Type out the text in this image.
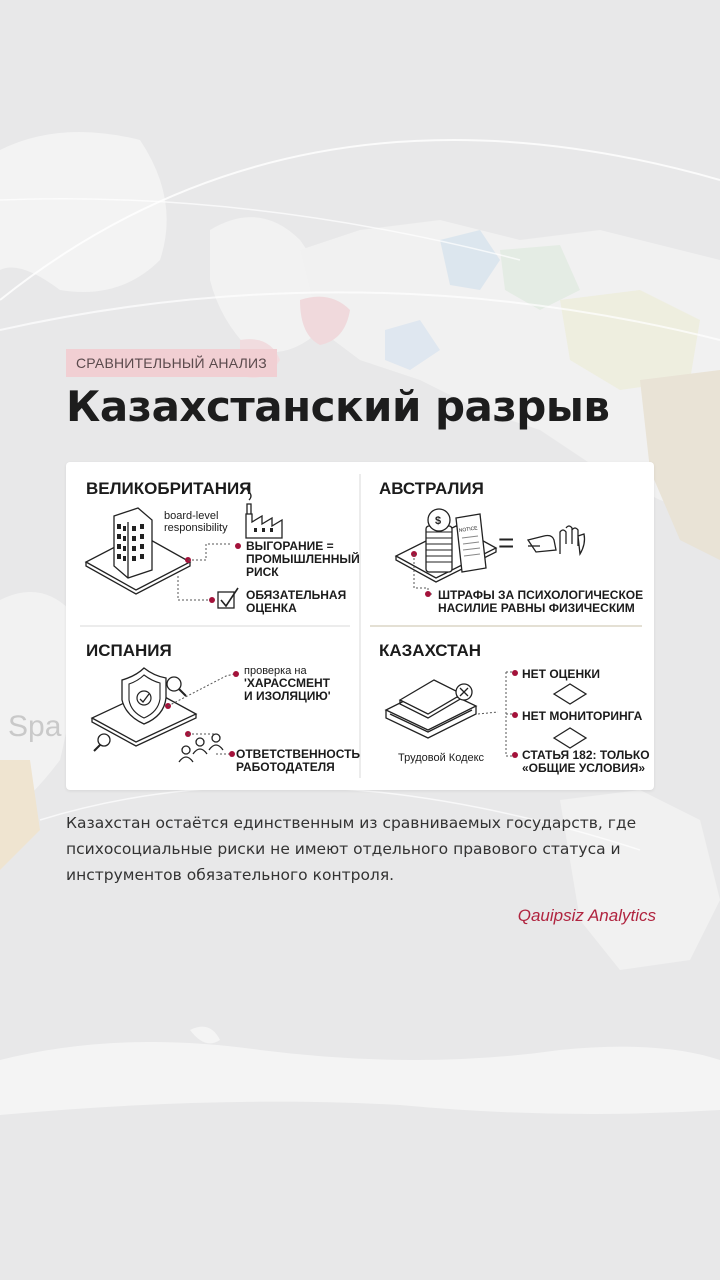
Spa
СРАВНИТЕЛЬНЫЙ АНАЛИЗ
Казахстанский разрыв
ВЕЛИКОБРИТАНИЯ
board-level
responsibility
ВЫГОРАНИЕ =
ПРОМЫШЛЕННЫЙ
РИСК
ОБЯЗАТЕЛЬНАЯ
ОЦЕНКА
АВСТРАЛИЯ
$
NOTICE =
ШТРАФЫ ЗА ПСИХОЛОГИЧЕСКОЕ
НАСИЛИЕ РАВНЫ ФИЗИЧЕСКИМ
ИСПАНИЯ
проверка на
'ХАРАССМЕНТ
И ИЗОЛЯЦИЮ'
ОТВЕТСТВЕННОСТЬ
РАБОТОДАТЕЛЯ
КАЗАХСТАН
Трудовой Кодекс
НЕТ ОЦЕНКИ
НЕТ МОНИТОРИНГА
СТАТЬЯ 182: ТОЛЬКО
«ОБЩИЕ УСЛОВИЯ»

Казахстан остаётся единственным из сравниваемых государств, где психосоциальные риски не имеют отдельного правового статуса и инструментов обязательного контроля.

Qauipsiz Analytics
